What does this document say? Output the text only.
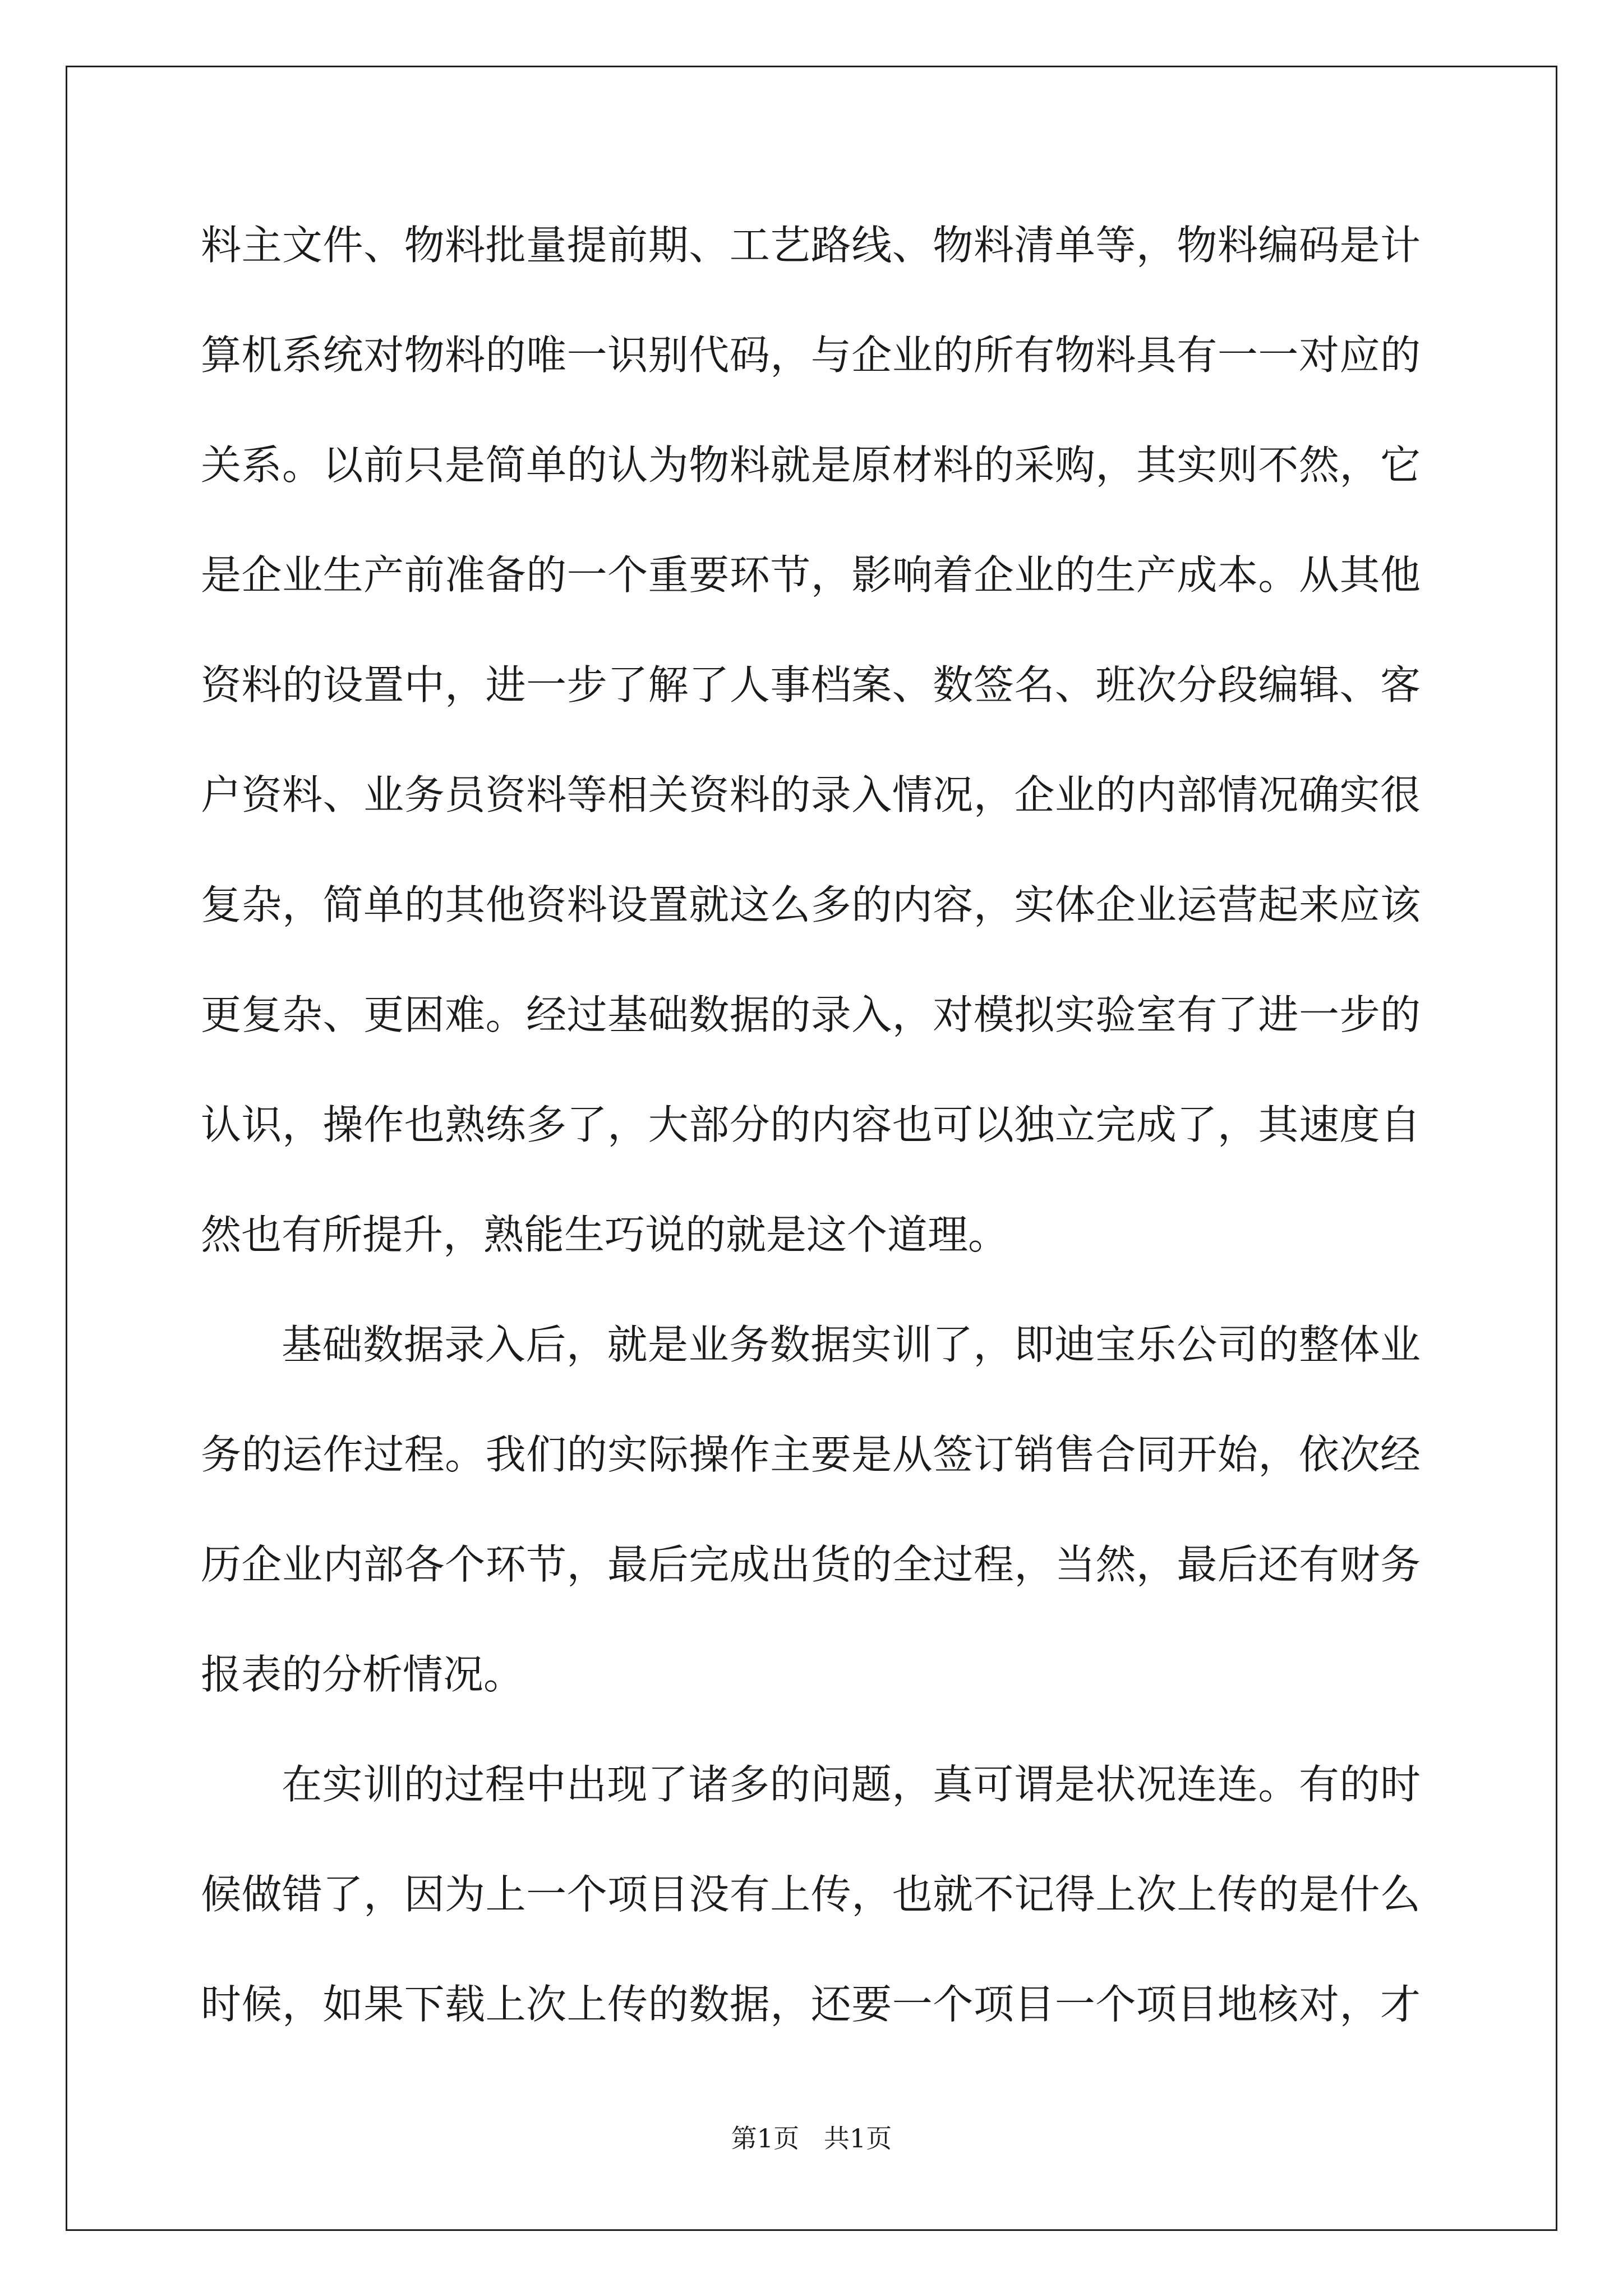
料主文件、物料批量提前期、工艺路线、物料清单等，物料编码是计
算机系统对物料的唯一识别代码，与企业的所有物料具有一一对应的
关系。以前只是简单的认为物料就是原材料的采购，其实则不然，它
是企业生产前准备的一个重要环节，影响着企业的生产成本。从其他
资料的设置中，进一步了解了人事档案、数签名、班次分段编辑、客
户资料、业务员资料等相关资料的录入情况，企业的内部情况确实很
复杂，简单的其他资料设置就这么多的内容，实体企业运营起来应该
更复杂、更困难。经过基础数据的录入，对模拟实验室有了进一步的
认识，操作也熟练多了，大部分的内容也可以独立完成了，其速度自
然也有所提升，熟能生巧说的就是这个道理。
基础数据录入后，就是业务数据实训了，即迪宝乐公司的整体业
务的运作过程。我们的实际操作主要是从签订销售合同开始，依次经
历企业内部各个环节，最后完成出货的全过程，当然，最后还有财务
报表的分析情况。
在实训的过程中出现了诸多的问题，真可谓是状况连连。有的时
候做错了，因为上一个项目没有上传，也就不记得上次上传的是什么
时候，如果下载上次上传的数据，还要一个项目一个项目地核对，才
第1页   共1页
